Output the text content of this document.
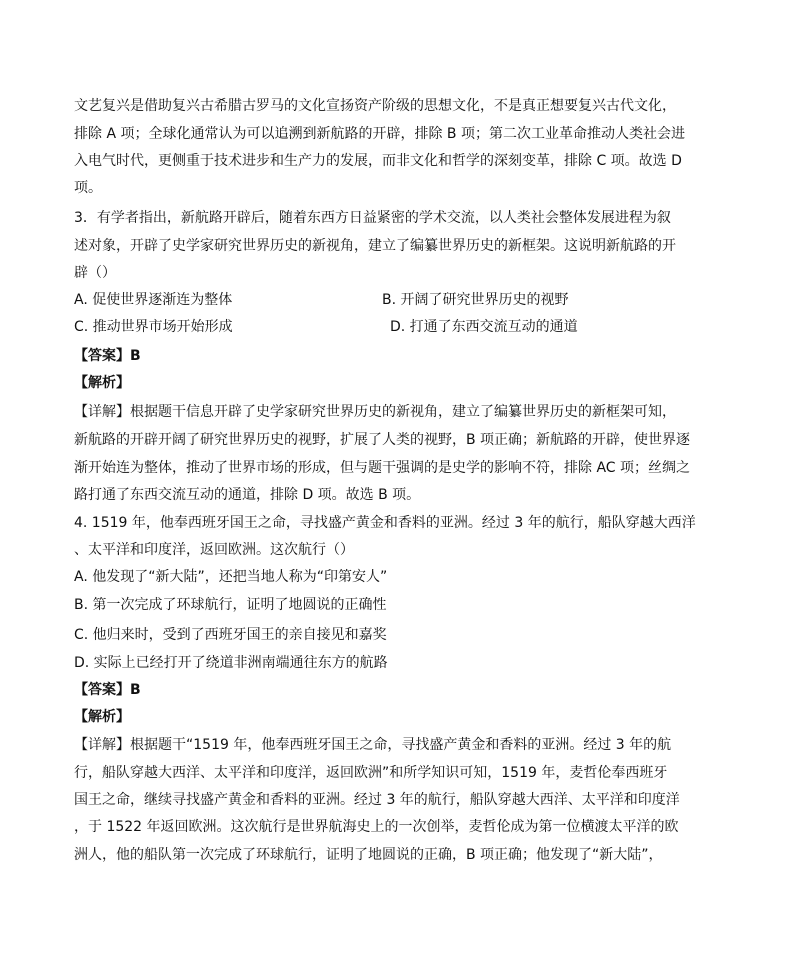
文艺复兴是借助复兴古希腊古罗马的文化宣扬资产阶级的思想文化，不是真正想要复兴古代文化，
排除 A 项；全球化通常认为可以追溯到新航路的开辟，排除 B 项；第二次工业革命推动人类社会进
入电气时代，更侧重于技术进步和生产力的发展，而非文化和哲学的深刻变革，排除 C 项。故选 D
项。
3．有学者指出，新航路开辟后，随着东西方日益紧密的学术交流，以人类社会整体发展进程为叙
述对象，开辟了史学家研究世界历史的新视角，建立了编纂世界历史的新框架。这说明新航路的开
辟（）
A. 促使世界逐渐连为整体	B. 开阔了研究世界历史的视野
C. 推动世界市场开始形成	D. 打通了东西交流互动的通道
【答案】B
【解析】
【详解】根据题干信息开辟了史学家研究世界历史的新视角，建立了编纂世界历史的新框架可知，
新航路的开辟开阔了研究世界历史的视野，扩展了人类的视野，B 项正确；新航路的开辟，使世界逐
渐开始连为整体，推动了世界市场的形成，但与题干强调的是史学的影响不符，排除 AC 项；丝绸之
路打通了东西交流互动的通道，排除 D 项。故选 B 项。
4. 1519 年，他奉西班牙国王之命，寻找盛产黄金和香料的亚洲。经过 3 年的航行，船队穿越大西洋
、太平洋和印度洋，返回欧洲。这次航行（）
A. 他发现了“新大陆”，还把当地人称为“印第安人”
B. 第一次完成了环球航行，证明了地圆说的正确性
C. 他归来时，受到了西班牙国王的亲自接见和嘉奖
D. 实际上已经打开了绕道非洲南端通往东方的航路
【答案】B
【解析】
【详解】根据题干“1519 年，他奉西班牙国王之命，寻找盛产黄金和香料的亚洲。经过 3 年的航
行，船队穿越大西洋、太平洋和印度洋，返回欧洲”和所学知识可知，1519 年，麦哲伦奉西班牙
国王之命，继续寻找盛产黄金和香料的亚洲。经过 3 年的航行，船队穿越大西洋、太平洋和印度洋
，于 1522 年返回欧洲。这次航行是世界航海史上的一次创举，麦哲伦成为第一位横渡太平洋的欧
洲人，他的船队第一次完成了环球航行，证明了地圆说的正确，B 项正确；他发现了“新大陆”，
